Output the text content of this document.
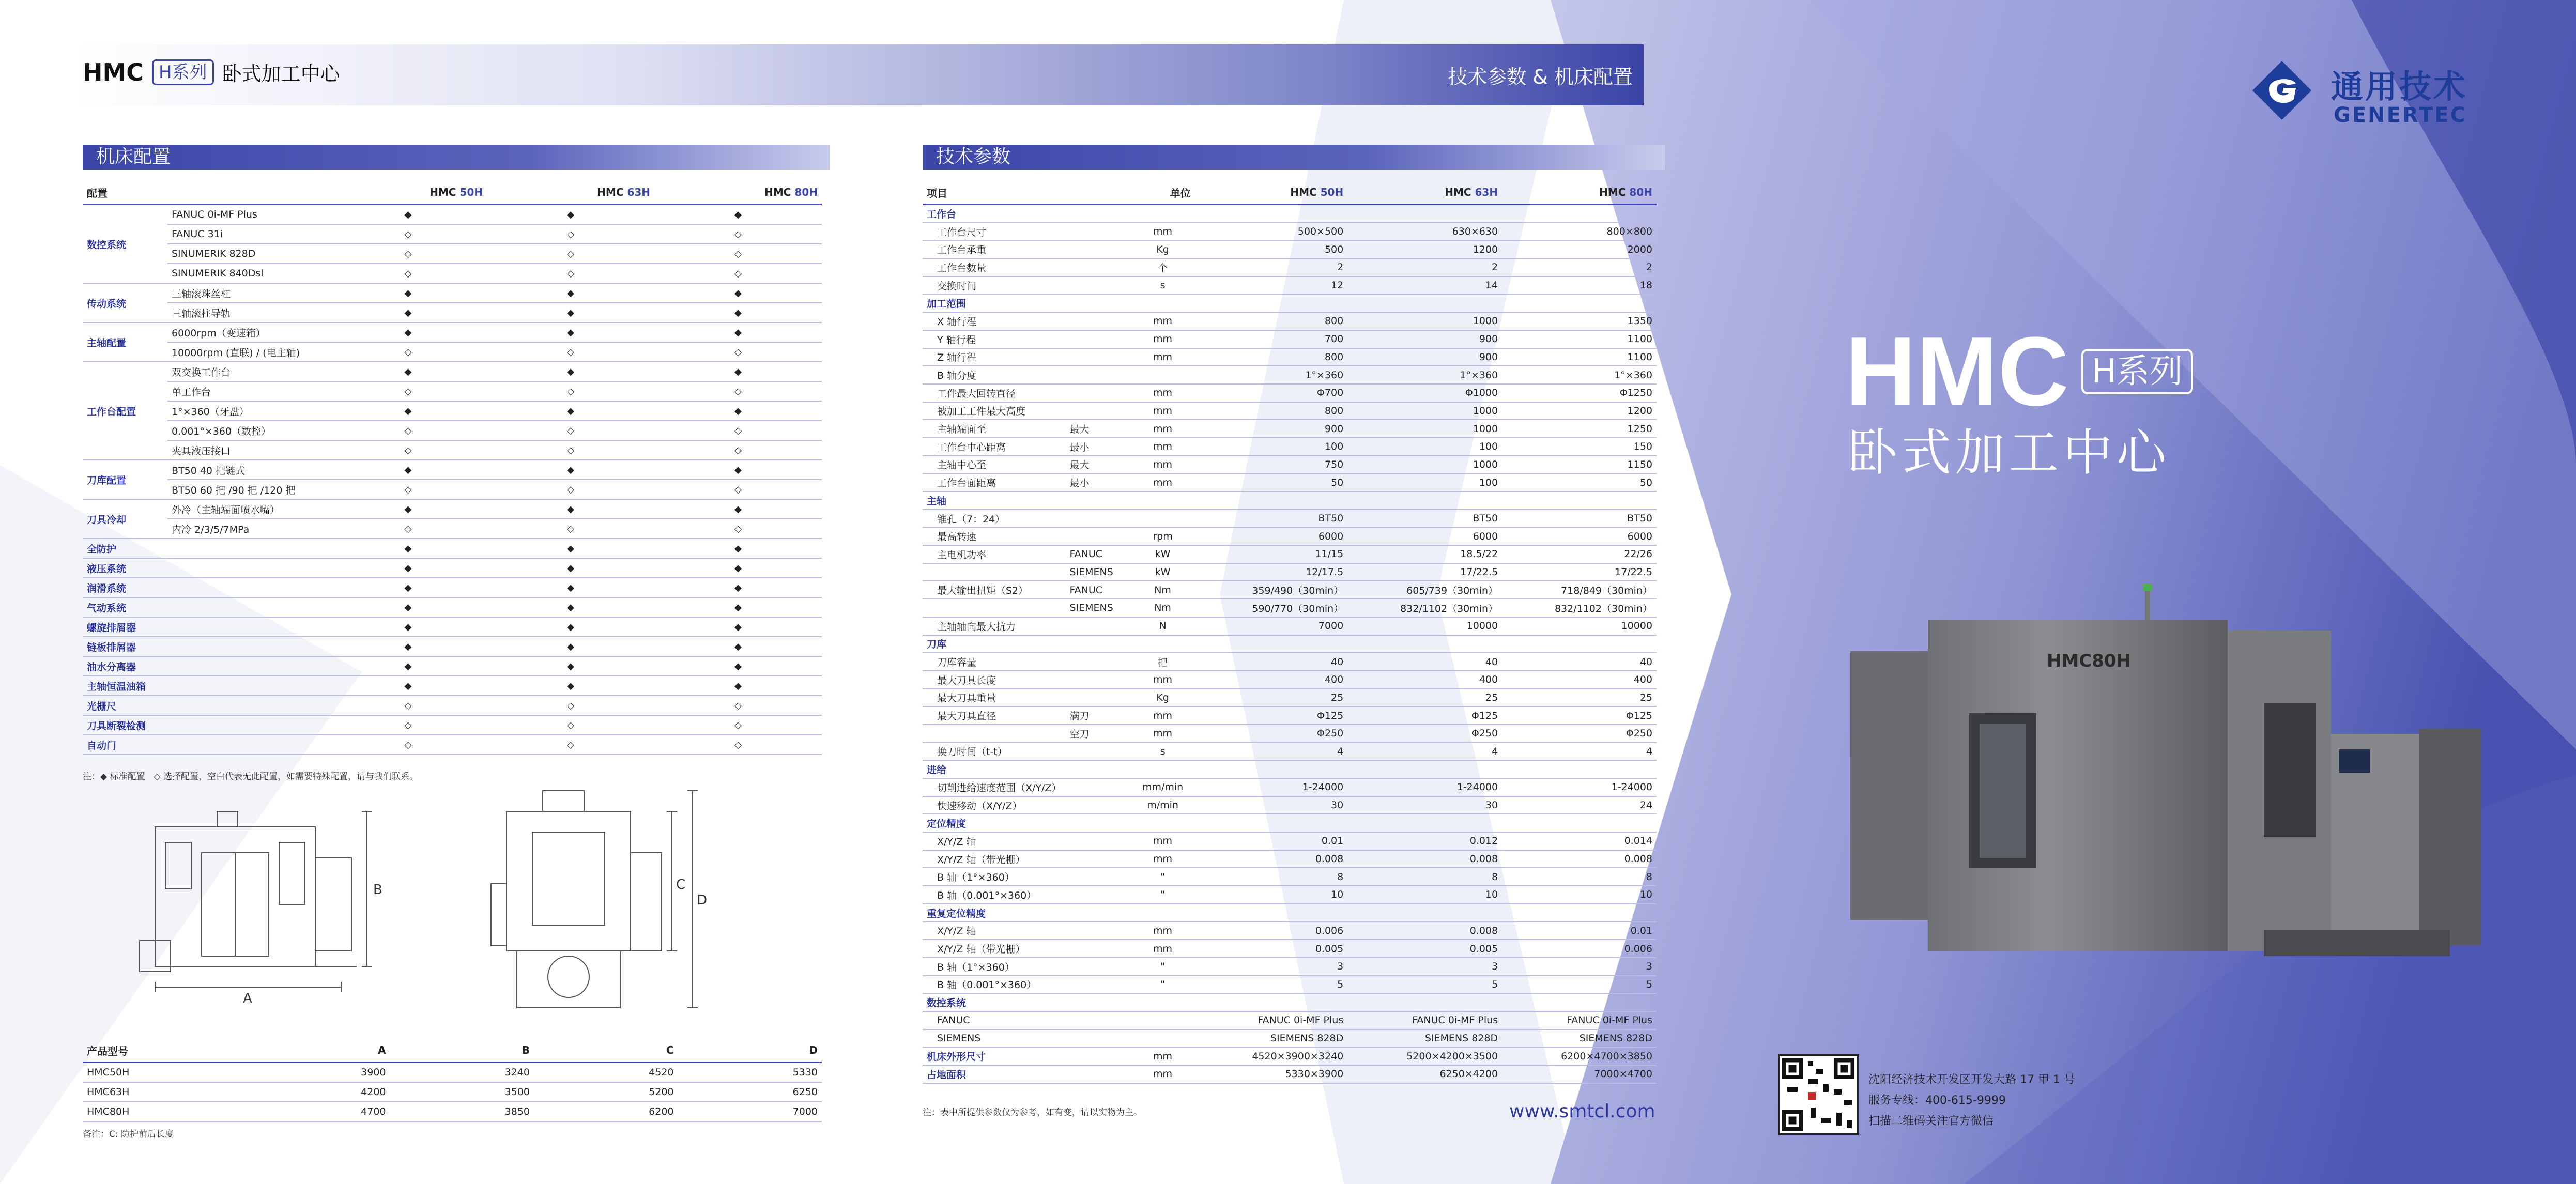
HMC H系列 卧式加工中心	技术参数 & 机床配置
机床配置
配置		HMC 50H	HMC 63H	HMC 80H
数控系统	FANUC 0i-MF Plus	◆	◆	◆
	FANUC 31i	◇	◇	◇
	SINUMERIK 828D	◇	◇	◇
	SINUMERIK 840Dsl	◇	◇	◇
传动系统	三轴滚珠丝杠	◆	◆	◆
	三轴滚柱导轨	◆	◆	◆
主轴配置	6000rpm（变速箱）	◆	◆	◆
	10000rpm (直联) / (电主轴)	◇	◇	◇
工作台配置	双交换工作台	◆	◆	◆
	单工作台	◇	◇	◇
	1°×360（牙盘）	◆	◆	◆
	0.001°×360（数控）	◇	◇	◇
	夹具液压接口	◇	◇	◇
刀库配置	BT50 40 把链式	◆	◆	◆
	BT50 60 把 /90 把 /120 把	◇	◇	◇
刀具冷却	外冷（主轴端面喷水嘴）	◆	◆	◆
	内冷 2/3/5/7MPa	◇	◇	◇
全防护		◆	◆	◆
液压系统		◆	◆	◆
润滑系统		◆	◆	◆
气动系统		◆	◆	◆
螺旋排屑器		◆	◆	◆
链板排屑器		◆	◆	◆
油水分离器		◆	◆	◆
主轴恒温油箱		◆	◆	◆
光栅尺		◇	◇	◇
刀具断裂检测		◇	◇	◇
自动门		◇	◇	◇
注：◆ 标准配置　◇ 选择配置，空白代表无此配置，如需要特殊配置，请与我们联系。
A
B	C
D
产品型号	A	B	C	D
HMC50H	3900	3240	4520	5330
HMC63H	4200	3500	5200	6250
HMC80H	4700	3850	6200	7000
备注：C: 防护前后长度
技术参数
项目		单位	HMC 50H	HMC 63H	HMC 80H
工作台					
工作台尺寸		mm	500×500	630×630	800×800
工作台承重		Kg	500	1200	2000
工作台数量		个	2	2	2
交换时间		s	12	14	18
加工范围					
X 轴行程		mm	800	1000	1350
Y 轴行程		mm	700	900	1100
Z 轴行程		mm	800	900	1100
B 轴分度			1°×360	1°×360	1°×360
工件最大回转直径		mm	Φ700	Φ1000	Φ1250
被加工工件最大高度		mm	800	1000	1200
主轴端面至	最大	mm	900	1000	1250
工作台中心距离	最小	mm	100	100	150
主轴中心至	最大	mm	750	1000	1150
工作台面距离	最小	mm	50	100	50
主轴					
锥孔（7：24）			BT50	BT50	BT50
最高转速		rpm	6000	6000	6000
主电机功率	FANUC	kW	11/15	18.5/22	22/26
	SIEMENS	kW	12/17.5	17/22.5	17/22.5
最大输出扭矩（S2）	FANUC	Nm	359/490（30min）	605/739（30min）	718/849（30min）
	SIEMENS	Nm	590/770（30min）	832/1102（30min）	832/1102（30min）
主轴轴向最大抗力		N	7000	10000	10000
刀库					
刀库容量		把	40	40	40
最大刀具长度		mm	400	400	400
最大刀具重量		Kg	25	25	25
最大刀具直径	满刀	mm	Φ125	Φ125	Φ125
	空刀	mm	Φ250	Φ250	Φ250
换刀时间（t-t）		s	4	4	4
进给					
切削进给速度范围（X/Y/Z）		mm/min	1-24000	1-24000	1-24000
快速移动（X/Y/Z）		m/min	30	30	24
定位精度					
X/Y/Z 轴		mm	0.01	0.012	0.014
X/Y/Z 轴（带光栅）		mm	0.008	0.008	0.008
B 轴（1°×360）		"	8	8	8
B 轴（0.001°×360）		"	10	10	10
重复定位精度					
X/Y/Z 轴		mm	0.006	0.008	0.01
X/Y/Z 轴（带光栅）		mm	0.005	0.005	0.006
B 轴（1°×360）		"	3	3	3
B 轴（0.001°×360）		"	5	5	5
数控系统					
FANUC			FANUC 0i-MF Plus	FANUC 0i-MF Plus	FANUC 0i-MF Plus
SIEMENS			SIEMENS 828D	SIEMENS 828D	SIEMENS 828D
机床外形尺寸		mm	4520×3900×3240	5200×4200×3500	6200×4700×3850
占地面积		mm	5330×3900	6250×4200	7000×4700
注：表中所提供参数仅为参考，如有变，请以实物为主。	www.smtcl.com
通用技术
GENERTEC
HMC H系列
卧式加工中心
HMC80H
沈阳经济技术开发区开发大路 17 甲 1 号
服务专线：400-615-9999
扫描二维码关注官方微信
